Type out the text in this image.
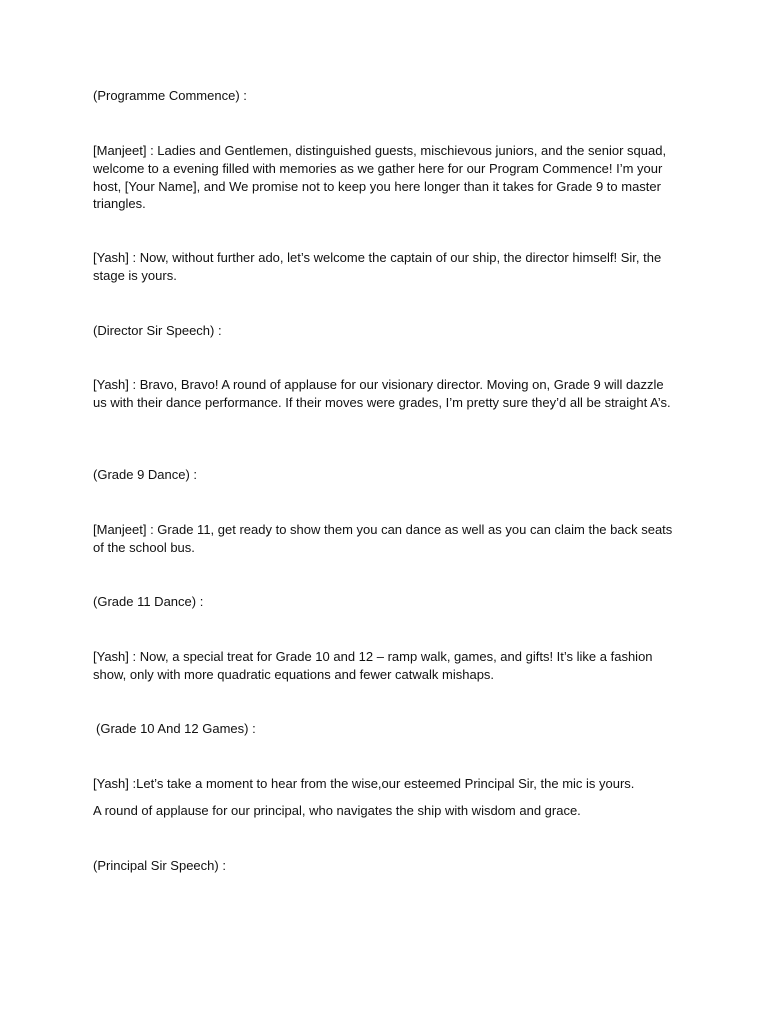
(Programme Commence) :

[Manjeet] : Ladies and Gentlemen, distinguished guests, mischievous juniors, and the senior squad, welcome to a evening filled with memories as we gather here for our Program Commence! I’m your host, [Your Name], and We promise not to keep you here longer than it takes for Grade 9 to master triangles.

[Yash] : Now, without further ado, let’s welcome the captain of our ship, the director himself! Sir, the stage is yours.

(Director Sir Speech) :

[Yash] : Bravo, Bravo! A round of applause for our visionary director. Moving on, Grade 9 will dazzle us with their dance performance. If their moves were grades, I’m pretty sure they’d all be straight A’s.

(Grade 9 Dance) :

[Manjeet] : Grade 11, get ready to show them you can dance as well as you can claim the back seats of the school bus.

(Grade 11 Dance) :

[Yash] : Now, a special treat for Grade 10 and 12 – ramp walk, games, and gifts! It’s like a fashion show, only with more quadratic equations and fewer catwalk mishaps.

(Grade 10 And 12 Games) :

[Yash] :Let’s take a moment to hear from the wise,our esteemed Principal Sir, the mic is yours.

A round of applause for our principal, who navigates the ship with wisdom and grace.

(Principal Sir Speech) :
